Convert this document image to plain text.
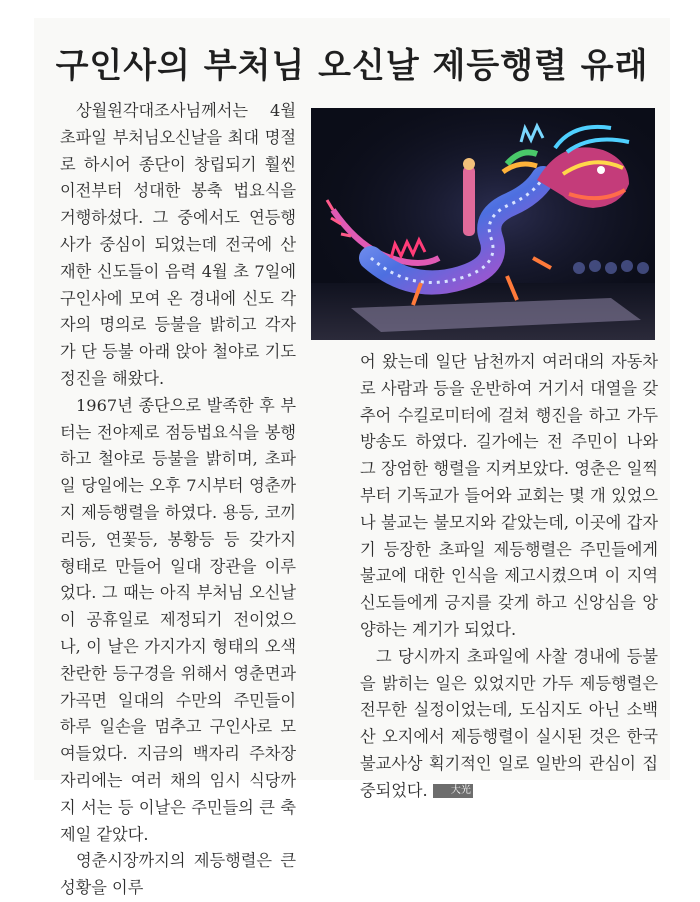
구인사의 부처님 오신날 제등행렬 유래

상월원각대조사님께서는 4월 초파일 부처님오신날을 최대 명절로 하시어 종단이 창립되기 훨씬 이전부터 성대한 봉축 법요식을 거행하셨다. 그 중에서도 연등행사가 중심이 되었는데 전국에 산재한 신도들이 음력 4월 초 7일에 구인사에 모여 온 경내에 신도 각자의 명의로 등불을 밝히고 각자가 단 등불 아래 앉아 철야로 기도정진을 해왔다.

1967년 종단으로 발족한 후 부터는 전야제로 점등법요식을 봉행하고 철야로 등불을 밝히며, 초파일 당일에는 오후 7시부터 영춘까지 제등행렬을 하였다. 용등, 코끼리등, 연꽃등, 봉황등 등 갖가지 형태로 만들어 일대 장관을 이루었다. 그 때는 아직 부처님 오신날이 공휴일로 제정되기 전이었으나, 이 날은 가지가지 형태의 오색 찬란한 등구경을 위해서 영춘면과 가곡면 일대의 수만의 주민들이 하루 일손을 멈추고 구인사로 모여들었다. 지금의 백자리 주차장 자리에는 여러 채의 임시 식당까지 서는 등 이날은 주민들의 큰 축제일 같았다.

영춘시장까지의 제등행렬은 큰 성황을 이루

어 왔는데 일단 남천까지 여러대의 자동차로 사람과 등을 운반하여 거기서 대열을 갖추어 수킬로미터에 걸쳐 행진을 하고 가두방송도 하였다. 길가에는 전 주민이 나와 그 장엄한 행렬을 지켜보았다. 영춘은 일찍부터 기독교가 들어와 교회는 몇 개 있었으나 불교는 불모지와 같았는데, 이곳에 갑자기 등장한 초파일 제등행렬은 주민들에게 불교에 대한 인식을 제고시켰으며 이 지역신도들에게 긍지를 갖게 하고 신앙심을 앙양하는 계기가 되었다.

그 당시까지 초파일에 사찰 경내에 등불을 밝히는 일은 있었지만 가두 제등행렬은 전무한 실정이었는데, 도심지도 아닌 소백산 오지에서 제등행렬이 실시된 것은 한국불교사상 획기적인 일로 일반의 관심이 집중되었다. 大光
